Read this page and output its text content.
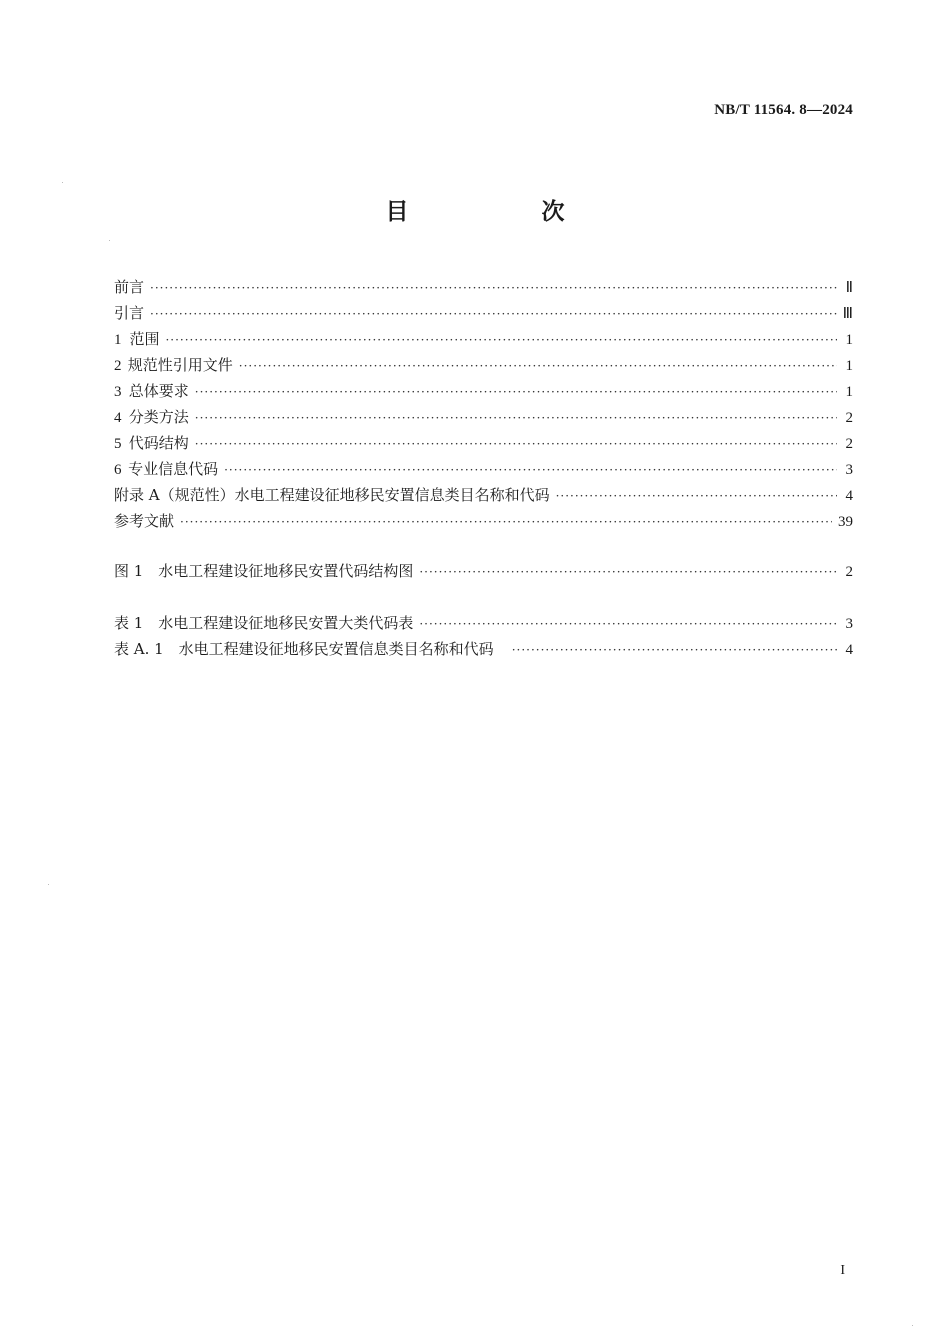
NB/T 11564. 8—2024
目　次
前言 ·····	Ⅱ
引言 ·····	Ⅲ
1 范围 ·····	1
2 规范性引用文件 ·····	1
3 总体要求 ·····	1
4 分类方法 ·····	2
5 代码结构 ·····	2
6 专业信息代码 ·····	3
附录 A（规范性）水电工程建设征地移民安置信息类目名称和代码 ·····	4
参考文献 ·····	39
图 1　水电工程建设征地移民安置代码结构图 ·····	2
表 1　水电工程建设征地移民安置大类代码表 ·····	3
表 A. 1　水电工程建设征地移民安置信息类目名称和代码 ·····	4
I
